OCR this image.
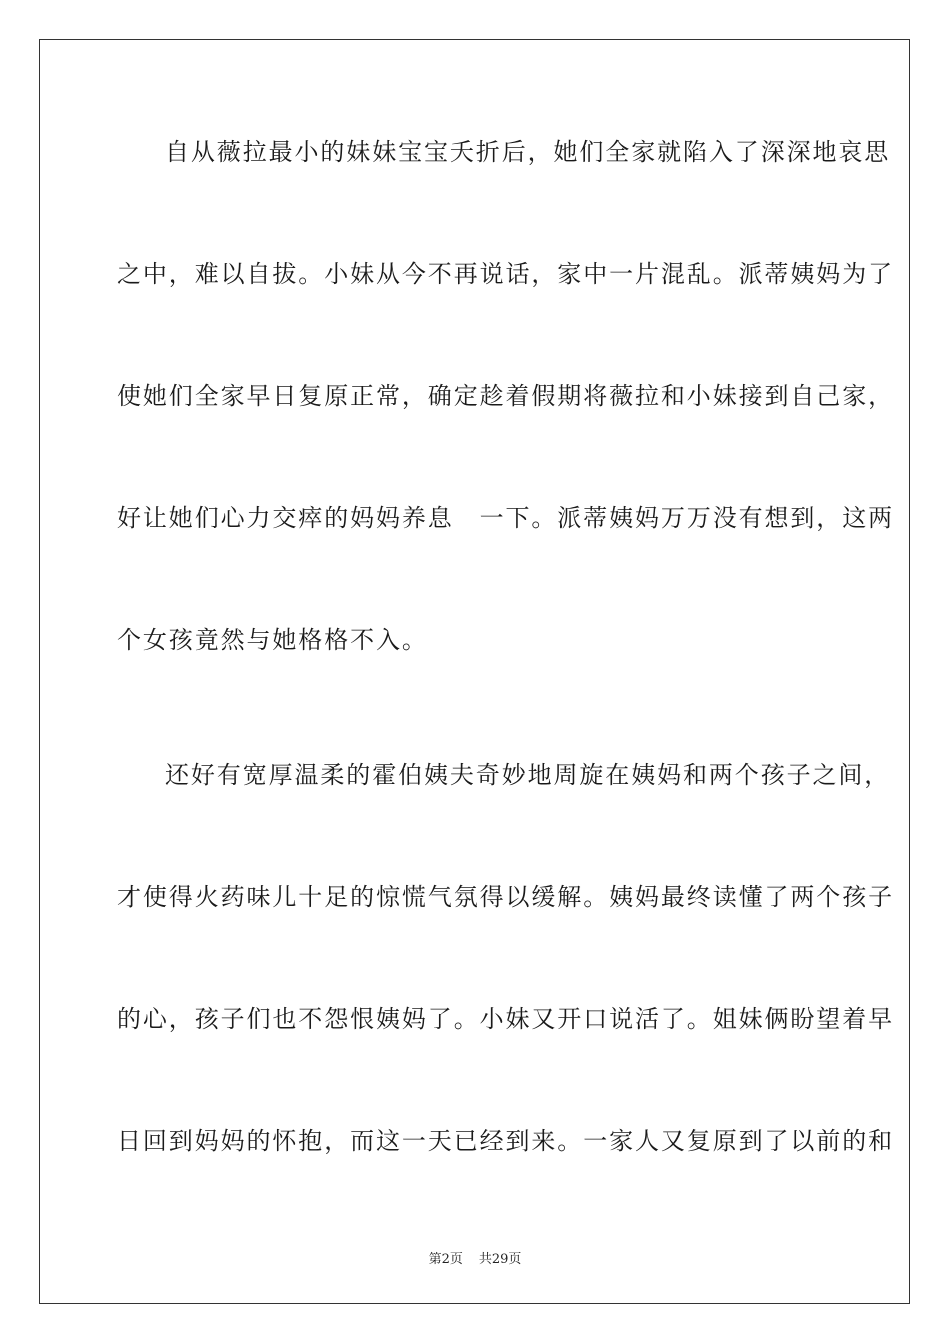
自从薇拉最小的妹妹宝宝夭折后，她们全家就陷入了深深地哀思
之中，难以自拔。小妹从今不再说话，家中一片混乱。派蒂姨妈为了
使她们全家早日复原正常，确定趁着假期将薇拉和小妹接到自己家，
好让她们心力交瘁的妈妈养息　一下。派蒂姨妈万万没有想到，这两
个女孩竟然与她格格不入。
还好有宽厚温柔的霍伯姨夫奇妙地周旋在姨妈和两个孩子之间，
才使得火药味儿十足的惊慌气氛得以缓解。姨妈最终读懂了两个孩子
的心，孩子们也不怨恨姨妈了。小妹又开口说活了。姐妹俩盼望着早
日回到妈妈的怀抱，而这一天已经到来。一家人又复原到了以前的和
第2页 共29页
